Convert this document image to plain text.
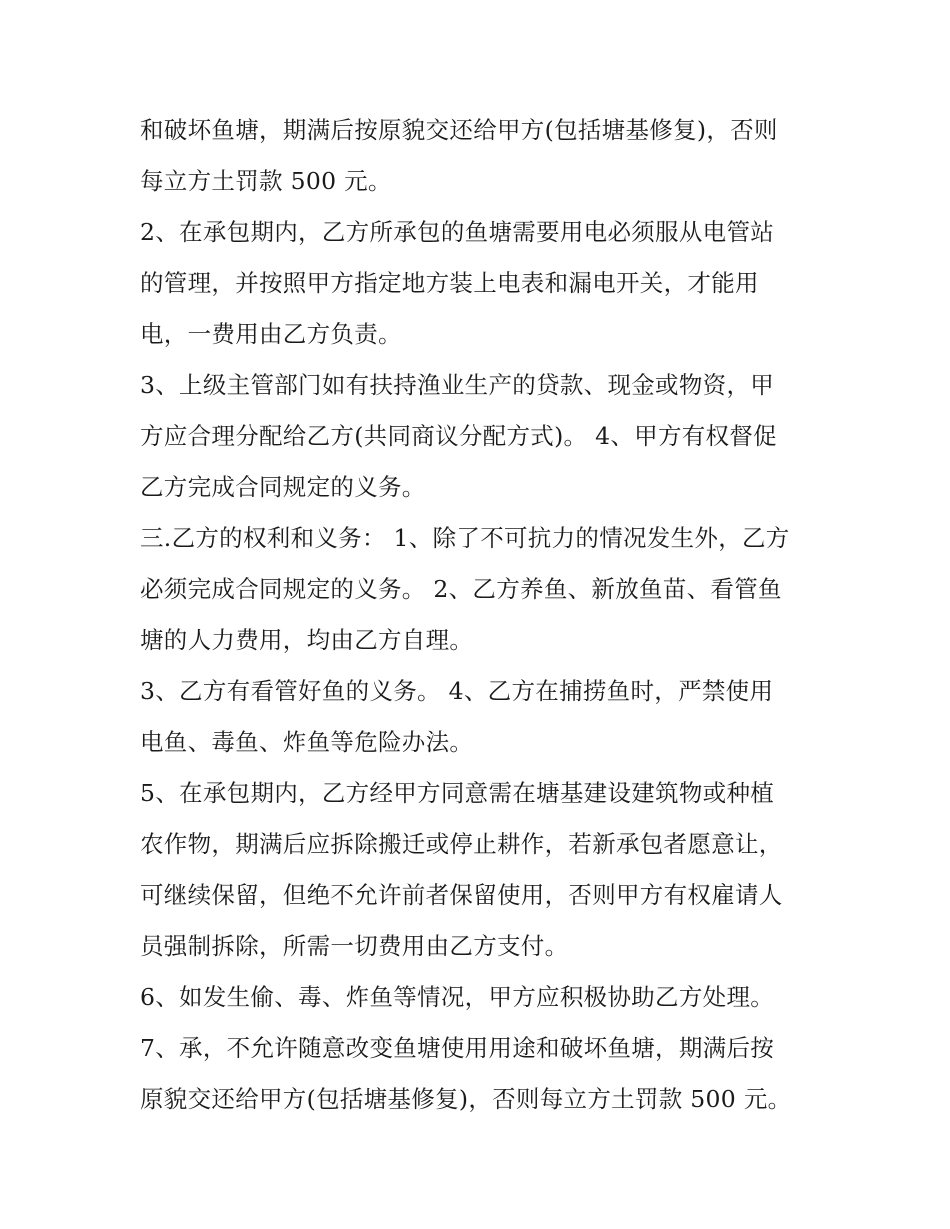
和破坏鱼塘，期满后按原貌交还给甲方(包括塘基修复)，否则
每立方土罚款 500 元。
2、在承包期内，乙方所承包的鱼塘需要用电必须服从电管站
的管理，并按照甲方指定地方装上电表和漏电开关，才能用
电，一费用由乙方负责。
3、上级主管部门如有扶持渔业生产的贷款、现金或物资，甲
方应合理分配给乙方(共同商议分配方式)。 4、甲方有权督促
乙方完成合同规定的义务。
三.乙方的权利和义务： 1、除了不可抗力的情况发生外，乙方
必须完成合同规定的义务。 2、乙方养鱼、新放鱼苗、看管鱼
塘的人力费用，均由乙方自理。
3、乙方有看管好鱼的义务。 4、乙方在捕捞鱼时，严禁使用
电鱼、毒鱼、炸鱼等危险办法。
5、在承包期内，乙方经甲方同意需在塘基建设建筑物或种植
农作物，期满后应拆除搬迁或停止耕作，若新承包者愿意让，
可继续保留，但绝不允许前者保留使用，否则甲方有权雇请人
员强制拆除，所需一切费用由乙方支付。
6、如发生偷、毒、炸鱼等情况，甲方应积极协助乙方处理。
7、承，不允许随意改变鱼塘使用用途和破坏鱼塘，期满后按
原貌交还给甲方(包括塘基修复)，否则每立方土罚款 500 元。
